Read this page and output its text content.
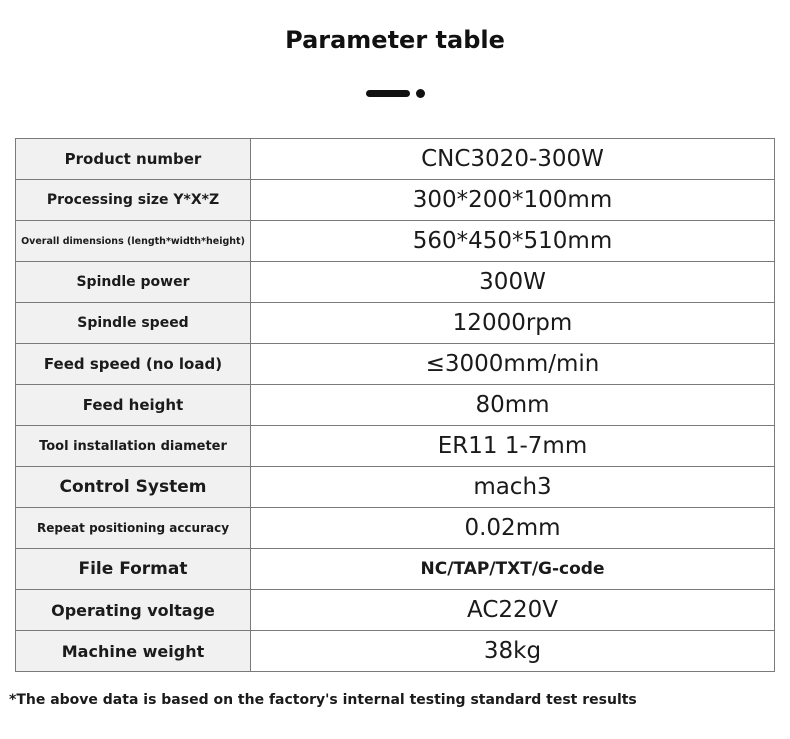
Parameter table
Product number	CNC3020-300W
Processing size Y*X*Z	300*200*100mm
Overall dimensions (length*width*height)	560*450*510mm
Spindle power	300W
Spindle speed	12000rpm
Feed speed (no load)	≤3000mm/min
Feed height	80mm
Tool installation diameter	ER11 1-7mm
Control System	mach3
Repeat positioning accuracy	0.02mm
File Format	NC/TAP/TXT/G-code
Operating voltage	AC220V
Machine weight	38kg
*The above data is based on the factory's internal testing standard test results
